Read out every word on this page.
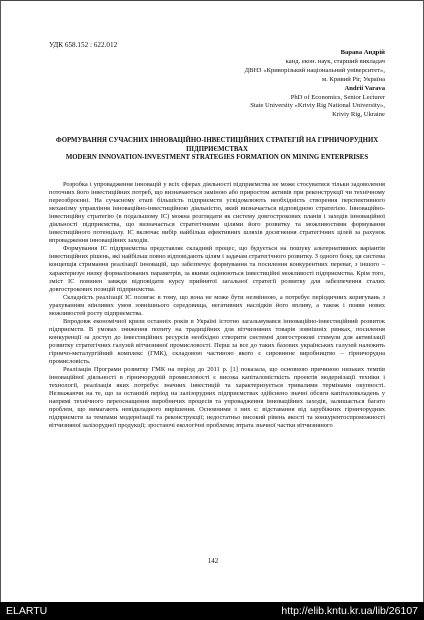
УДК 658.152 : 622.012
Варава Андрій
канд. екон. наук, старший викладач
ДВНЗ «Криворізький національний університет»,
м. Кривий Ріг, Україна
Andrii Varava
PhD of Economics, Senior Lecturer
State University «Kriviy Rig National University»,
Kriviy Rig, Ukraine
ФОРМУВАННЯ СУЧАСНИХ ІННОВАЦІЙНО-ІНВЕСТИЦІЙНИХ СТРАТЕГІЙ НА ГІРНИЧОРУДНИХ ПІДПРИЄМСТВАХ
MODERN INNOVATION-INVESTMENT STRATEGIES FORMATION ON MINING ENTERPRISES

Розробка і упровадження інновацій у всіх сферах діяльності підприємства не може стосуватися тільки задоволення поточних його інвестиційних потреб, що визначаються заміною або приростом активів при реконструкції чи технічному переозброєнні. На сучасному етапі більшість підприємств усвідомлюють необхідність створення перспективного механізму управління інноваційно-інвестиційною діяльністю, який визначається відповідною стратегією. Інноваційно-інвестиційну стратегію (в подальшому ІС) можна розглядати як систему довгострокових планів і заходів інноваційної діяльності підприємства, що визначається стратегічними цілями його розвитку та можливостями формування інвестиційного потенціалу. ІС включає вибір найбільш ефективних шляхів досягнення стратегічних цілей за рахунок впровадження інноваційних заходів.

Формування ІС підприємства представляє складний процес, що будується на пошуку альтернативних варіантів інвестиційних рішень, які найбільш повно відповідають цілям і задачам стратегічного розвитку. З одного боку, ця система концепція стримання реалізації інновацій, що забезпечує формування та посилення конкурентних переваг, з іншого – характеризує низку формалізованих параметрів, за якими оцінюються інвестиційні можливості підприємства. Крім того, зміст ІС повинен завжди відповідати курсу прийнятої загальної стратегії розвитку для забезпечення сталих довгострокових позицій підприємства.

Складність реалізації ІС полягає в тому, що вона не може бути незмінною, а потребує періодичних коригувань з урахуванням мінливих умов зовнішнього середовища, негативних наслідків його впливу, а також і появи нових можливостей росту підприємства.

Впродовж економічної кризи останніх років в Україні істотно загальмувався інноваційно-інвестиційний розвиток підприємств. В умовах зниження попиту на традиційних для вітчизняних товарів зовнішніх ринках, посилення конкуренції за доступ до інвестиційних ресурсів необхідно створити системні довгострокові стимули для активізації розвитку стратегічних галузей вітчизняної промисловості. Перш за все до таких базових українських галузей належить гірничо-металургійний комплекс (ГМК), складовою частиною якого є сировинне виробництво – гірничорудна промисловість.

Реалізація Програми розвитку ГМК на період до 2011 р. [1] показала, що основною причиною низьких темпів інноваційної діяльності в гірничорудній промисловості є висока капіталомісткість проектів модернізації техніки і технології, реалізація яких потребує значних інвестицій та характеризується тривалими термінами окупності. Незважаючи на те, що за останній період на залізорудних підприємствах здійснено значні обсяги капіталовкладень у напрямі технічного переоснащення виробничих процесів та упровадження інноваційних заходів, залишається багато проблем, що вимагають невідкладного вирішення. Основними з них є: відставання від зарубіжних гірничорудних підприємств за темпами модернізації та реконструкції; недостатньо високий рівень якості та конкурентоспроможності вітчизняної залізорудної продукції; зростаючі екологічні проблеми; втрата значної частки вітчизняного

142
ELARTU	http://elib.kntu.kr.ua/lib/26107
